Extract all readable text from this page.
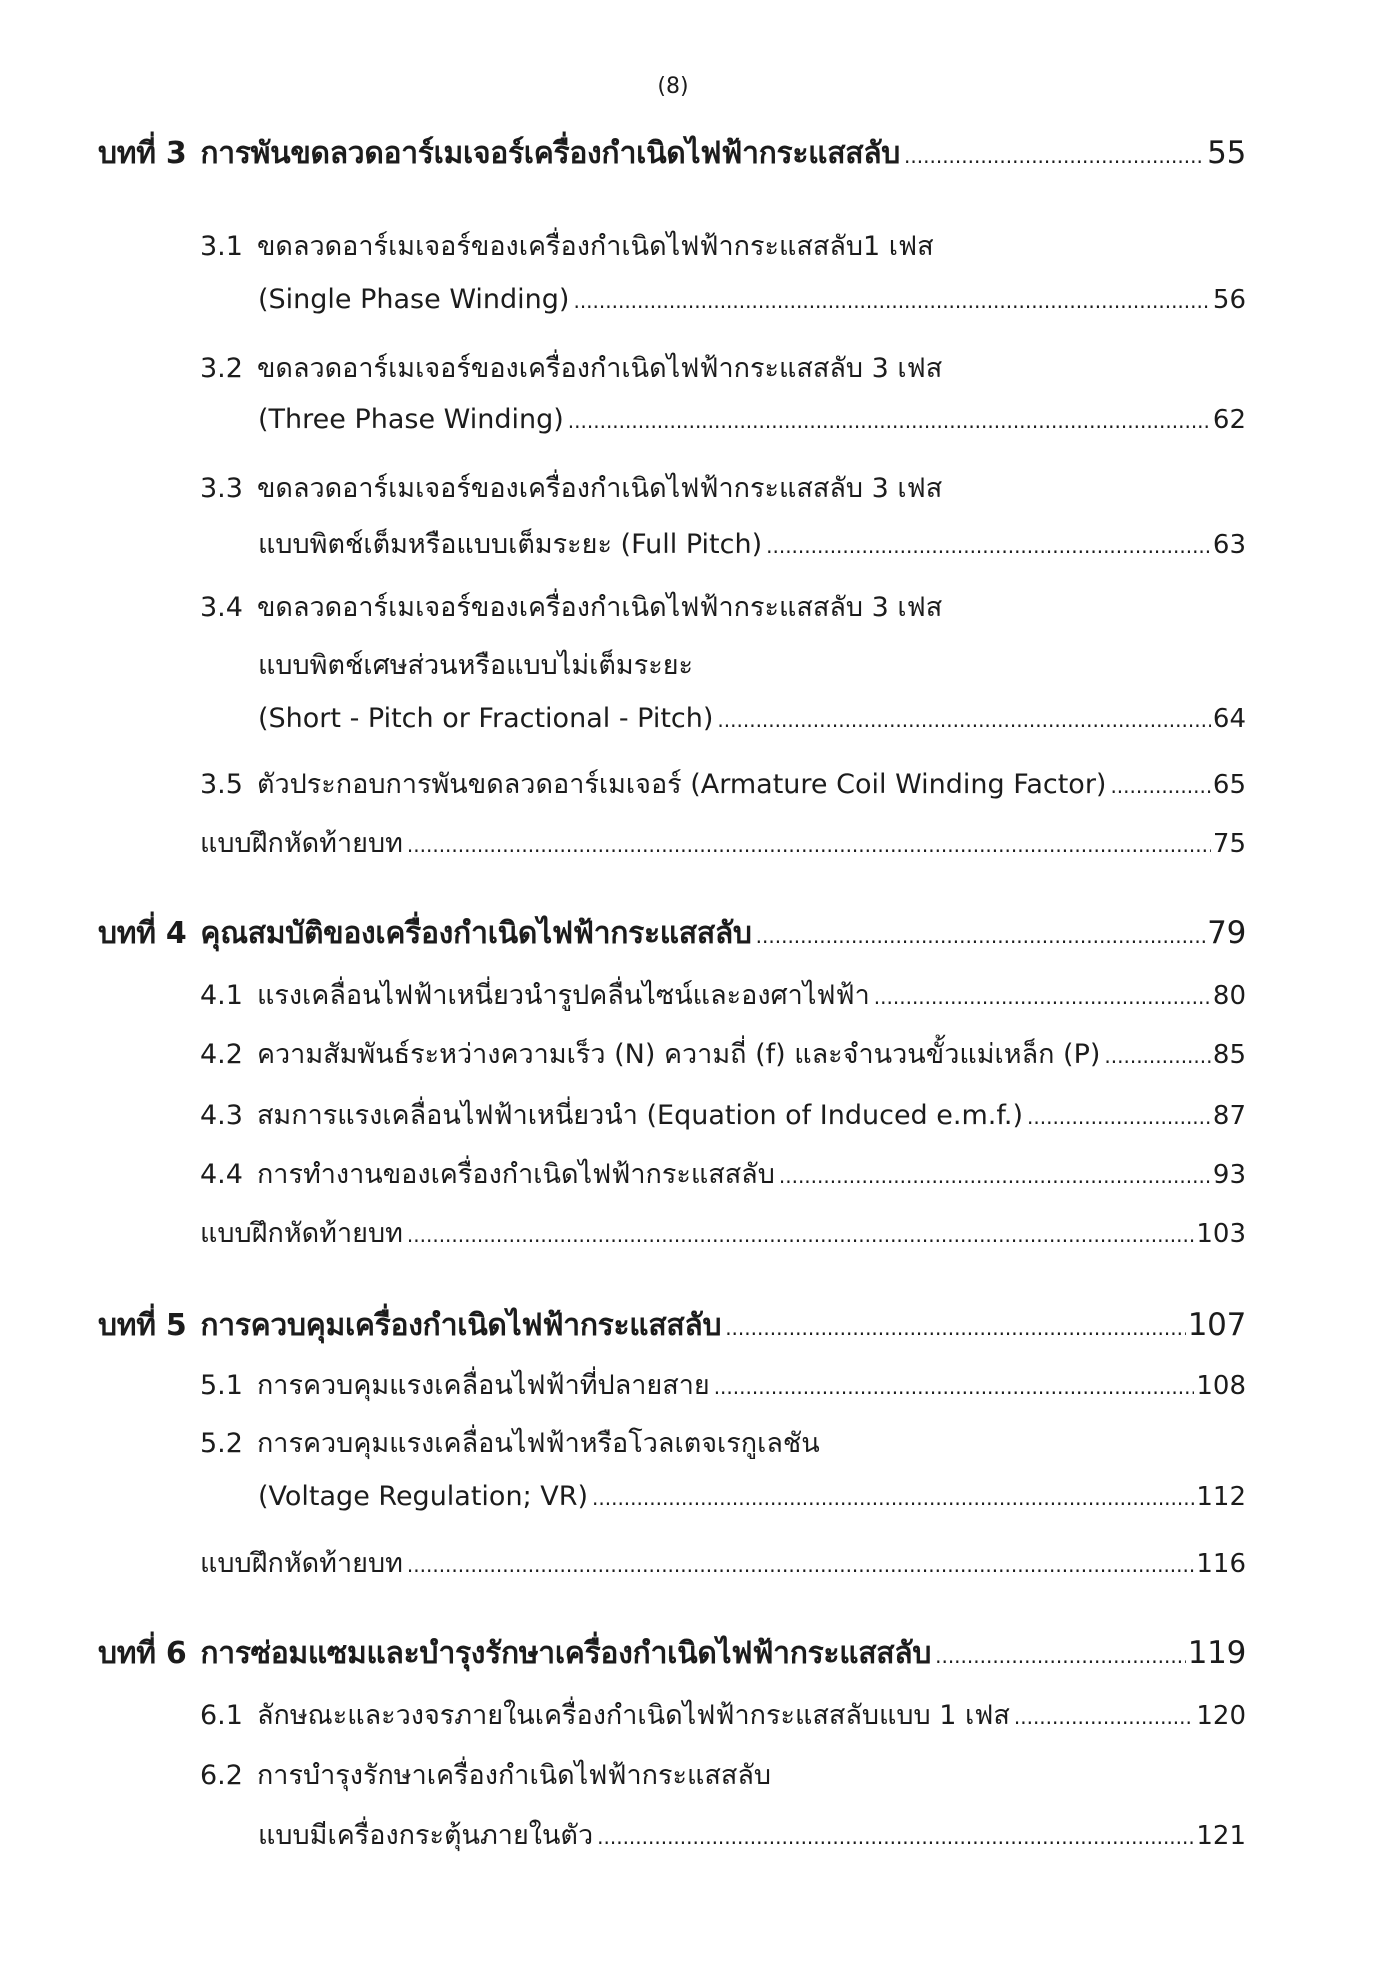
(8)
บทที่ 3 การพันขดลวดอาร์เมเจอร์เครื่องกำเนิดไฟฟ้ากระแสสลับ .....	55
3.1 ขดลวดอาร์เมเจอร์ของเครื่องกำเนิดไฟฟ้ากระแสสลับ1 เฟส
(Single Phase Winding) .....	56
3.2 ขดลวดอาร์เมเจอร์ของเครื่องกำเนิดไฟฟ้ากระแสสลับ 3 เฟส
(Three Phase Winding) .....	62
3.3 ขดลวดอาร์เมเจอร์ของเครื่องกำเนิดไฟฟ้ากระแสสลับ 3 เฟส
แบบพิตช์เต็มหรือแบบเต็มระยะ (Full Pitch) .....	63
3.4 ขดลวดอาร์เมเจอร์ของเครื่องกำเนิดไฟฟ้ากระแสสลับ 3 เฟส
แบบพิตช์เศษส่วนหรือแบบไม่เต็มระยะ
(Short - Pitch or Fractional - Pitch) .....	64
3.5 ตัวประกอบการพันขดลวดอาร์เมเจอร์ (Armature Coil Winding Factor) .....	65
แบบฝึกหัดท้ายบท .....	75
บทที่ 4 คุณสมบัติของเครื่องกำเนิดไฟฟ้ากระแสสลับ .....	79
4.1 แรงเคลื่อนไฟฟ้าเหนี่ยวนำรูปคลื่นไซน์และองศาไฟฟ้า .....	80
4.2 ความสัมพันธ์ระหว่างความเร็ว (N) ความถี่ (f) และจำนวนขั้วแม่เหล็ก (P) .....	85
4.3 สมการแรงเคลื่อนไฟฟ้าเหนี่ยวนำ (Equation of Induced e.m.f.) .....	87
4.4 การทำงานของเครื่องกำเนิดไฟฟ้ากระแสสลับ .....	93
แบบฝึกหัดท้ายบท .....	103
บทที่ 5 การควบคุมเครื่องกำเนิดไฟฟ้ากระแสสลับ .....	107
5.1 การควบคุมแรงเคลื่อนไฟฟ้าที่ปลายสาย .....	108
5.2 การควบคุมแรงเคลื่อนไฟฟ้าหรือโวลเตจเรกูเลชัน
(Voltage Regulation; VR) .....	112
แบบฝึกหัดท้ายบท .....	116
บทที่ 6 การซ่อมแซมและบำรุงรักษาเครื่องกำเนิดไฟฟ้ากระแสสลับ .....	119
6.1 ลักษณะและวงจรภายในเครื่องกำเนิดไฟฟ้ากระแสสลับแบบ 1 เฟส .....	120
6.2 การบำรุงรักษาเครื่องกำเนิดไฟฟ้ากระแสสลับ
แบบมีเครื่องกระตุ้นภายในตัว .....	121
